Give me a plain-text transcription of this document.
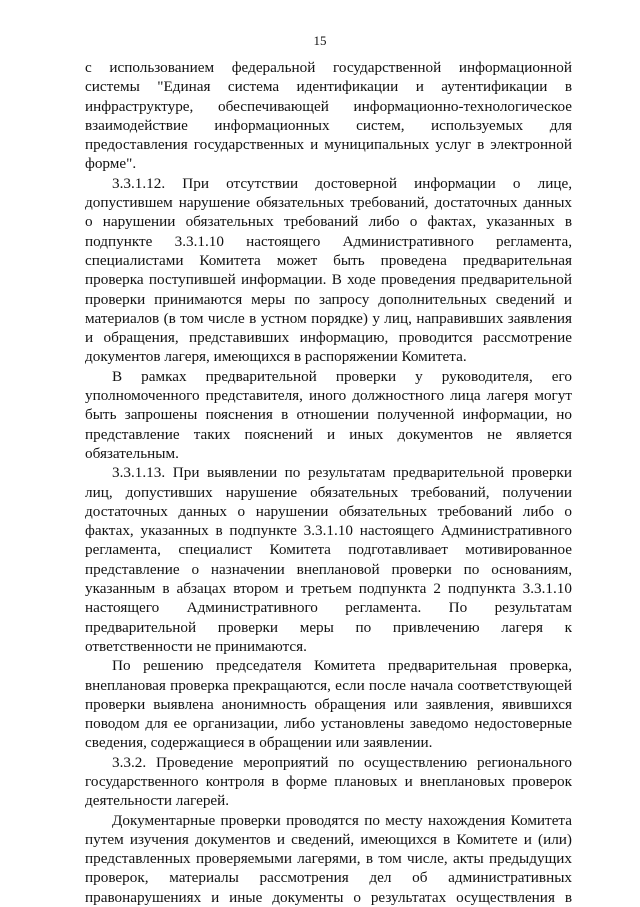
15

с использованием федеральной государственной информационной системы "Единая система идентификации и аутентификации в инфраструктуре, обеспечивающей информационно-технологическое взаимодействие информационных систем, используемых для предоставления государственных и муниципальных услуг в электронной форме".

3.3.1.12. При отсутствии достоверной информации о лице, допустившем нарушение обязательных требований, достаточных данных о нарушении обязательных требований либо о фактах, указанных в подпункте 3.3.1.10 настоящего Административного регламента, специалистами Комитета может быть проведена предварительная проверка поступившей информации. В ходе проведения предварительной проверки принимаются меры по запросу дополнительных сведений и материалов (в том числе в устном порядке) у лиц, направивших заявления и обращения, представивших информацию, проводится рассмотрение документов лагеря, имеющихся в распоряжении Комитета.

В рамках предварительной проверки у руководителя, его уполномоченного представителя, иного должностного лица лагеря могут быть запрошены пояснения в отношении полученной информации, но представление таких пояснений и иных документов не является обязательным.

3.3.1.13. При выявлении по результатам предварительной проверки лиц, допустивших нарушение обязательных требований, получении достаточных данных о нарушении обязательных требований либо о фактах, указанных в подпункте 3.3.1.10 настоящего Административного регламента, специалист Комитета подготавливает мотивированное представление о назначении внеплановой проверки по основаниям, указанным в абзацах втором и третьем подпункта 2 подпункта 3.3.1.10 настоящего Административного регламента. По результатам предварительной проверки меры по привлечению лагеря к ответственности не принимаются.

По решению председателя Комитета предварительная проверка, внеплановая проверка прекращаются, если после начала соответствующей проверки выявлена анонимность обращения или заявления, явившихся поводом для ее организации, либо установлены заведомо недостоверные сведения, содержащиеся в обращении или заявлении.

3.3.2. Проведение мероприятий по осуществлению регионального государственного контроля в форме плановых и внеплановых проверок деятельности лагерей.

Документарные проверки проводятся по месту нахождения Комитета путем изучения документов и сведений, имеющихся в Комитете и (или) представленных проверяемыми лагерями, в том числе, акты предыдущих проверок, материалы рассмотрения дел об административных правонарушениях и иные документы о результатах осуществления в
